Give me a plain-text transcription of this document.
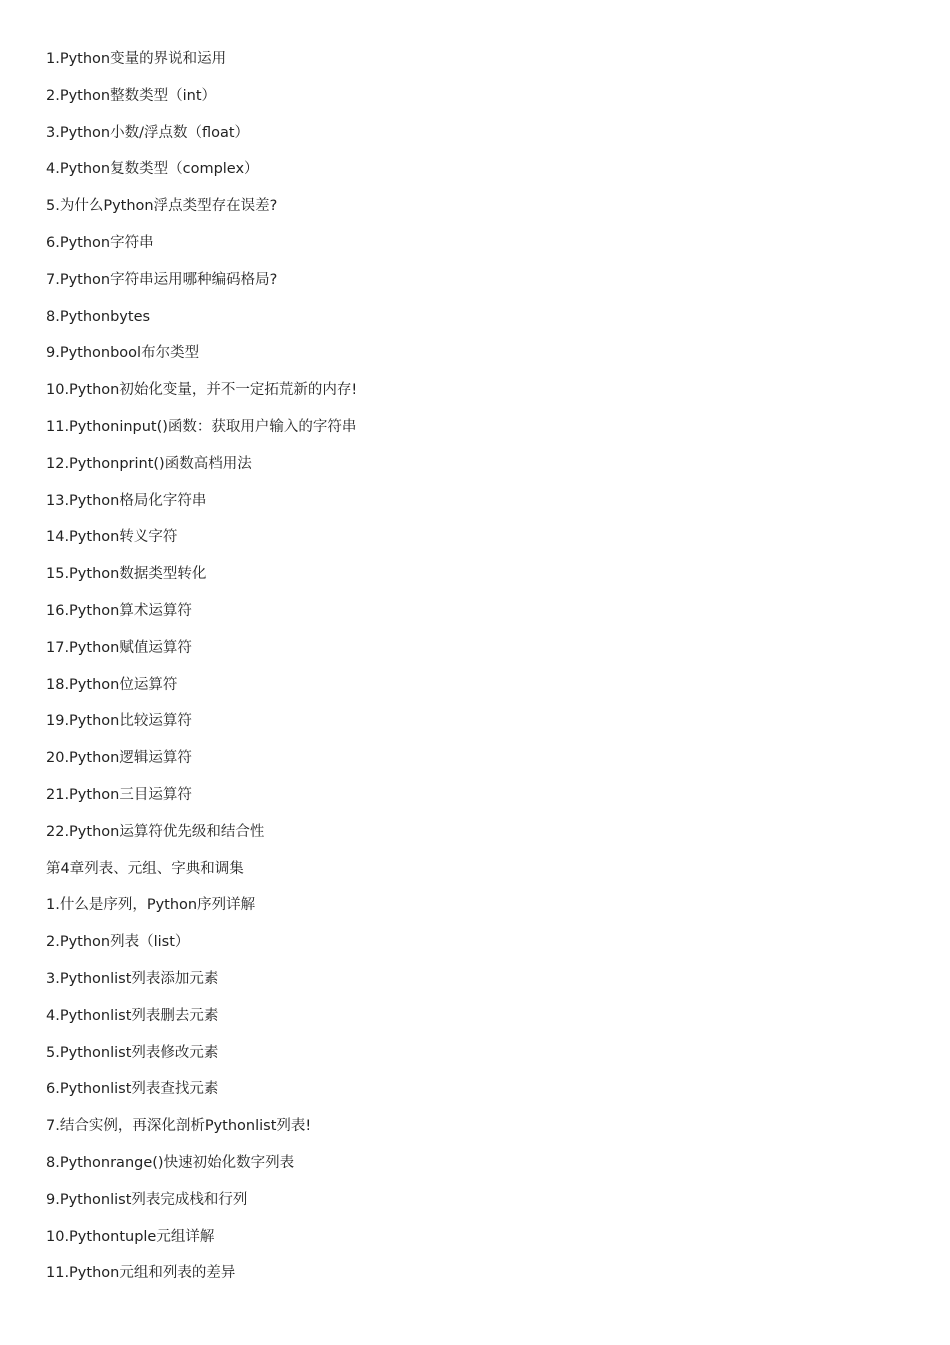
1.Python变量的界说和运用
2.Python整数类型（int）
3.Python小数/浮点数（float）
4.Python复数类型（complex）
5.为什么Python浮点类型存在误差?
6.Python字符串
7.Python字符串运用哪种编码格局?
8.Pythonbytes
9.Pythonbool布尔类型
10.Python初始化变量，并不一定拓荒新的内存!
11.Pythoninput()函数：获取用户输入的字符串
12.Pythonprint()函数高档用法
13.Python格局化字符串
14.Python转义字符
15.Python数据类型转化
16.Python算术运算符
17.Python赋值运算符
18.Python位运算符
19.Python比较运算符
20.Python逻辑运算符
21.Python三目运算符
22.Python运算符优先级和结合性
第4章列表、元组、字典和调集
1.什么是序列，Python序列详解
2.Python列表（list）
3.Pythonlist列表添加元素
4.Pythonlist列表删去元素
5.Pythonlist列表修改元素
6.Pythonlist列表查找元素
7.结合实例，再深化剖析Pythonlist列表!
8.Pythonrange()快速初始化数字列表
9.Pythonlist列表完成栈和行列
10.Pythontuple元组详解
11.Python元组和列表的差异
